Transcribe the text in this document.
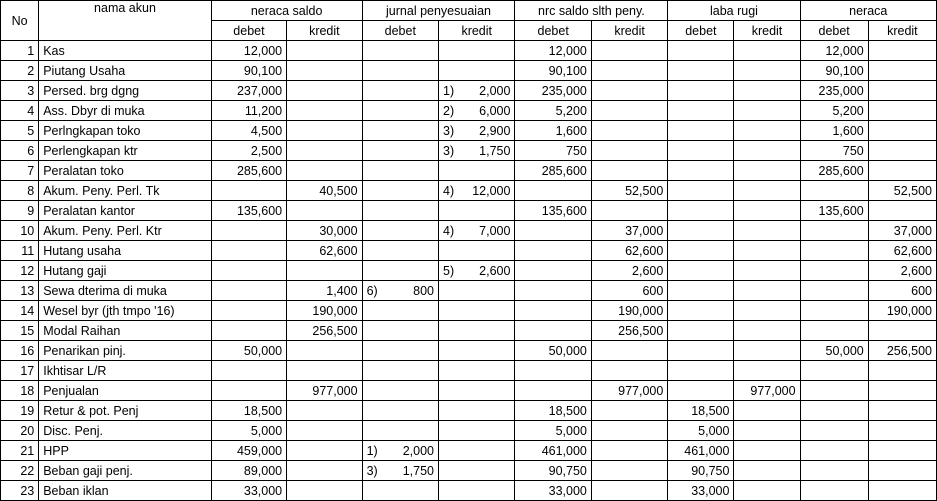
No	nama akun	neraca saldo		jurnal penyesuaian		nrc saldo slth peny.		laba rugi		neraca	
		debet	kredit	debet	kredit	debet	kredit	debet	kredit	debet	kredit
1	Kas	12,000				12,000				12,000	
2	Piutang Usaha	90,100				90,100				90,100	
3	Persed. brg dgng	237,000			1) 2,000	235,000				235,000	
4	Ass. Dbyr di muka	11,200			2) 6,000	5,200				5,200	
5	Perlngkapan toko	4,500			3) 2,900	1,600				1,600	
6	Perlengkapan ktr	2,500			3) 1,750	750				750	
7	Peralatan toko	285,600				285,600				285,600	
8	Akum. Peny. Perl. Tk		40,500		4) 12,000		52,500				52,500
9	Peralatan kantor	135,600				135,600				135,600	
10	Akum. Peny. Perl. Ktr		30,000		4) 7,000		37,000				37,000
11	Hutang usaha		62,600				62,600				62,600
12	Hutang gaji				5) 2,600		2,600				2,600
13	Sewa dterima di muka		1,400	6) 800			600				600
14	Wesel byr (jth tmpo '16)		190,000				190,000				190,000
15	Modal Raihan		256,500				256,500				
16	Penarikan pinj.	50,000				50,000				50,000	256,500
17	Ikhtisar L/R			

18	Penjualan		977,000				977,000		977,000		
19	Retur & pot. Penj	18,500				18,500		18,500			
20	Disc. Penj.	5,000				5,000		5,000			
21	HPP	459,000		1) 2,000		461,000		461,000			
22	Beban gaji penj.	89,000		3) 1,750		90,750		90,750			
23	Beban iklan	33,000				33,000		33,000			
